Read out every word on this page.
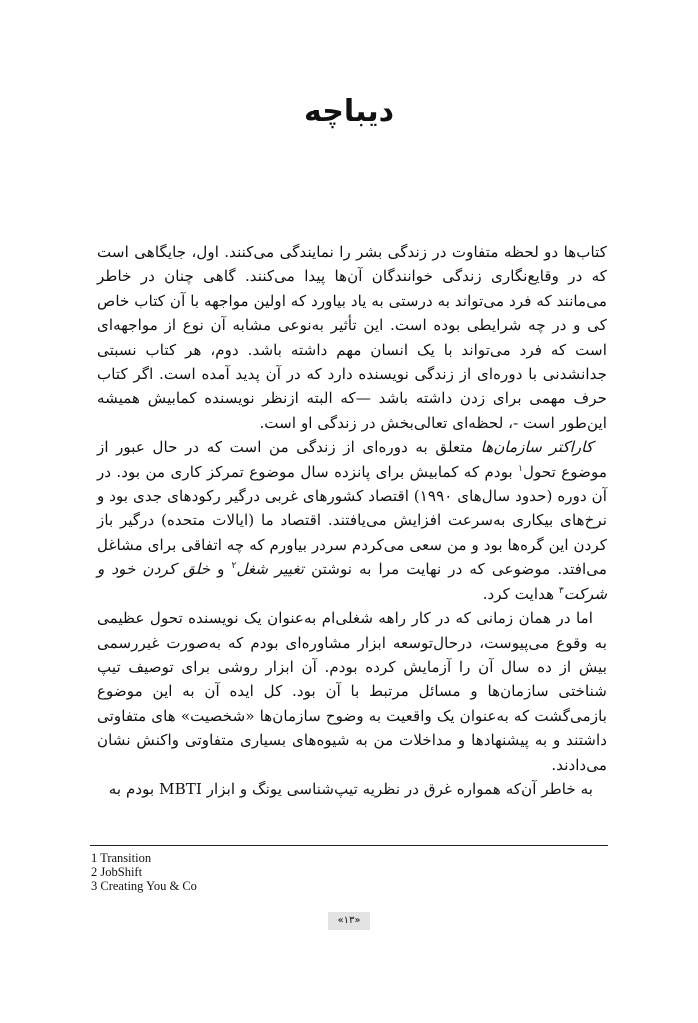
دیباچه

کتاب‌ها دو لحظه متفاوت در زندگی بشر را نمایندگی می‌کنند. اول، جایگاهی است که در وقایع‌نگاری زندگی خوانندگان آن‌ها پیدا می‌کنند. گاهی چنان در خاطر می‌مانند که فرد می‌تواند به درستی به یاد بیاورد که اولین مواجهه با آن کتاب خاص کی و در چه شرایطی بوده است. این تأثیر به‌نوعی مشابه آن نوع از مواجهه‌ای است که فرد می‌تواند با یک انسان مهم داشته باشد. دوم، هر کتاب نسبتی جدانشدنی با دوره‌ای از زندگی نویسنده دارد که در آن پدید آمده است. اگر کتاب حرف مهمی برای زدن داشته باشد —که البته ازنظر نویسنده کمابیش همیشه این‌طور است -، لحظه‌ای تعالی‌بخش در زندگی او است.

کاراکتر سازمان‌ها متعلق به دوره‌ای از زندگی من است که در حال عبور از موضوع تحول$^۱$ بودم که کمابیش برای پانزده سال موضوع تمرکز کاری من بود. در آن دوره (حدود سال‌های ۱۹۹۰) اقتصاد کشورهای غربی درگیر رکودهای جدی بود و نرخ‌های بیکاری به‌سرعت افزایش می‌یافتند. اقتصاد ما (ایالات متحده) درگیر باز کردن این گره‌ها بود و من سعی می‌کردم سردر بیاورم که چه اتفاقی برای مشاغل می‌افتد. موضوعی که در نهایت مرا به نوشتن تغییر شغل$^۲$ و خلق کردن خود و شرکت$^۳$ هدایت کرد.

اما در همان زمانی که در کار راهه شغلی‌ام به‌عنوان یک نویسنده تحول عظیمی به وقوع می‌پیوست، درحال‌توسعه ابزار مشاوره‌ای بودم که به‌صورت غیررسمی بیش از ده سال آن را آزمایش کرده بودم. آن ابزار روشی برای توصیف تیپ شناختی سازمان‌ها و مسائل مرتبط با آن بود. کل ایده آن به این موضوع بازمی‌گشت که به‌عنوان یک واقعیت به وضوح سازمان‌ها «شخصیت» های متفاوتی داشتند و به پیشنهادها و مداخلات من به شیوه‌های بسیاری متفاوتی واکنش نشان می‌دادند.

به خاطر آن‌که همواره غرق در نظریه تیپ‌شناسی یونگ و ابزار MBTI بودم به

1 Transition
2 JobShift
3 Creating You & Co
«۱۳»
